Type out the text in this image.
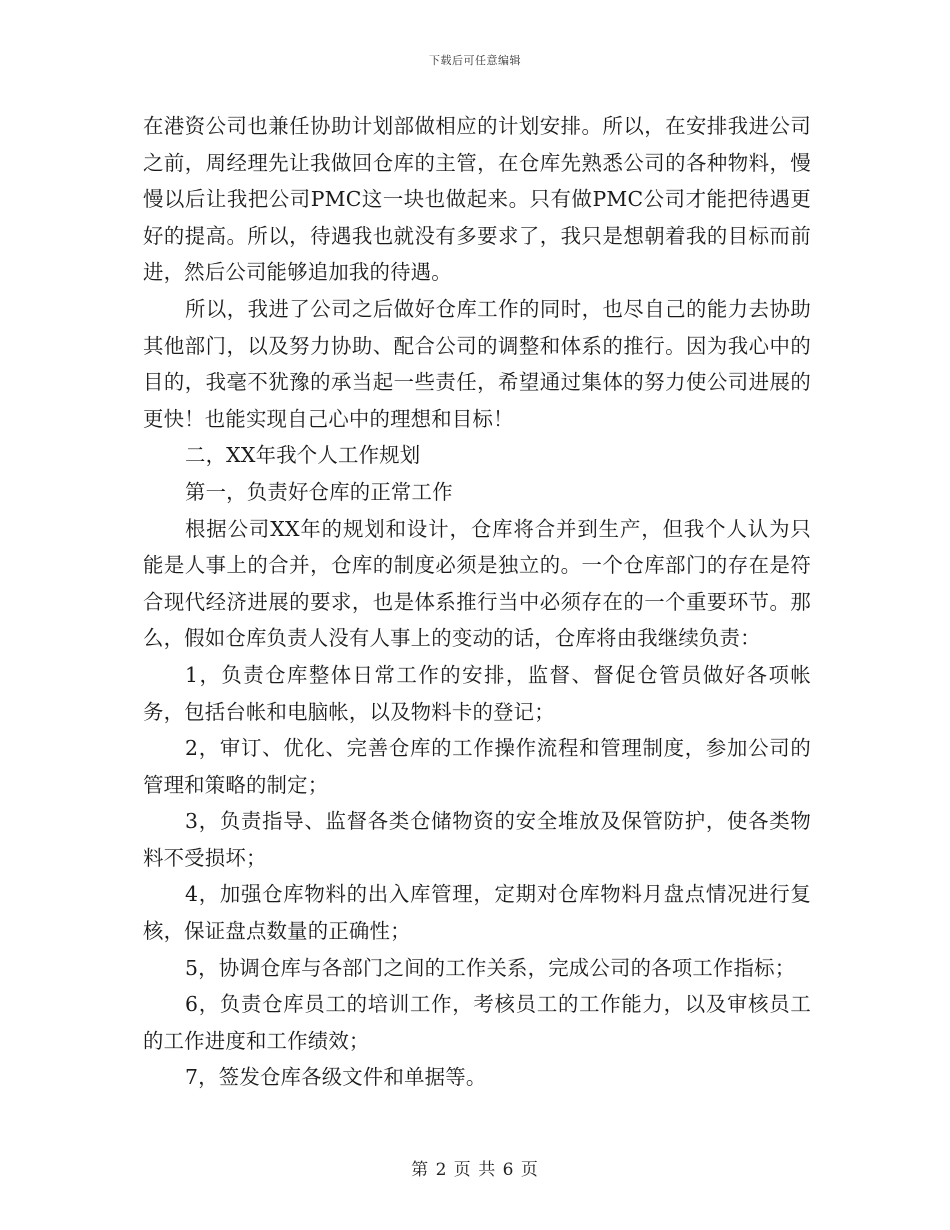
下载后可任意编辑

在港资公司也兼任协助计划部做相应的计划安排。所以，在安排我进公司之前，周经理先让我做回仓库的主管，在仓库先熟悉公司的各种物料，慢慢以后让我把公司PMC这一块也做起来。只有做PMC公司才能把待遇更好的提高。所以，待遇我也就没有多要求了，我只是想朝着我的目标而前进，然后公司能够追加我的待遇。

所以，我进了公司之后做好仓库工作的同时，也尽自己的能力去协助其他部门，以及努力协助、配合公司的调整和体系的推行。因为我心中的目的，我毫不犹豫的承当起一些责任，希望通过集体的努力使公司进展的更快！也能实现自己心中的理想和目标！

二，XX年我个人工作规划

第一，负责好仓库的正常工作

根据公司XX年的规划和设计，仓库将合并到生产，但我个人认为只能是人事上的合并，仓库的制度必须是独立的。一个仓库部门的存在是符合现代经济进展的要求，也是体系推行当中必须存在的一个重要环节。那么，假如仓库负责人没有人事上的变动的话，仓库将由我继续负责：

1，负责仓库整体日常工作的安排，监督、督促仓管员做好各项帐务，包括台帐和电脑帐，以及物料卡的登记；

2，审订、优化、完善仓库的工作操作流程和管理制度，参加公司的管理和策略的制定；

3，负责指导、监督各类仓储物资的安全堆放及保管防护，使各类物料不受损坏；

4，加强仓库物料的出入库管理，定期对仓库物料月盘点情况进行复核，保证盘点数量的正确性；

5，协调仓库与各部门之间的工作关系，完成公司的各项工作指标；

6，负责仓库员工的培训工作，考核员工的工作能力，以及审核员工的工作进度和工作绩效；

7，签发仓库各级文件和单据等。

第 2 页 共 6 页
